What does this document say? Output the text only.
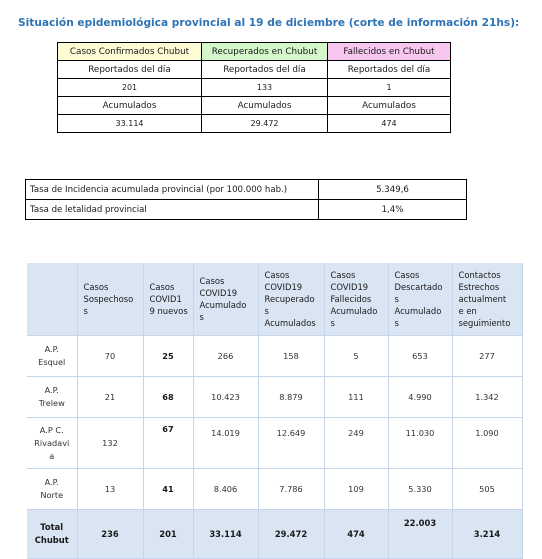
Situación epidemiológica provincial al 19 de diciembre (corte de información 21hs):
Casos Confirmados Chubut	Recuperados en Chubut	Fallecidos en Chubut
Reportados del día	Reportados del día	Reportados del día
201	133	1
Acumulados	Acumulados	Acumulados
33.114	29.472	474
Tasa de Incidencia acumulada provincial (por 100.000 hab.)	5.349,6
Tasa de letalidad provincial	1,4%

	Casos
Sospechoso
s	Casos
COVID1
9 nuevos	Casos
COVID19
Acumulado
s	Casos
COVID19
Recuperado
s
Acumulados	Casos
COVID19
Fallecidos
Acumulado
s	Casos
Descartado
s
Acumulado
s	Contactos
Estrechos
actualment
e en
seguimiento

A.P.
Esquel	70	25	266	158	5	653	277

A.P.
Trelew	21	68	10.423	8.879	111	4.990	1.342

A.P C.
Rivadavi
a	132	67	14.019	12.649	249	11.030	1.090

A.P.
Norte	13	41	8.406	7.786	109	5.330	505

Total
Chubut	236	201	33.114	29.472	474	22.003	3.214
